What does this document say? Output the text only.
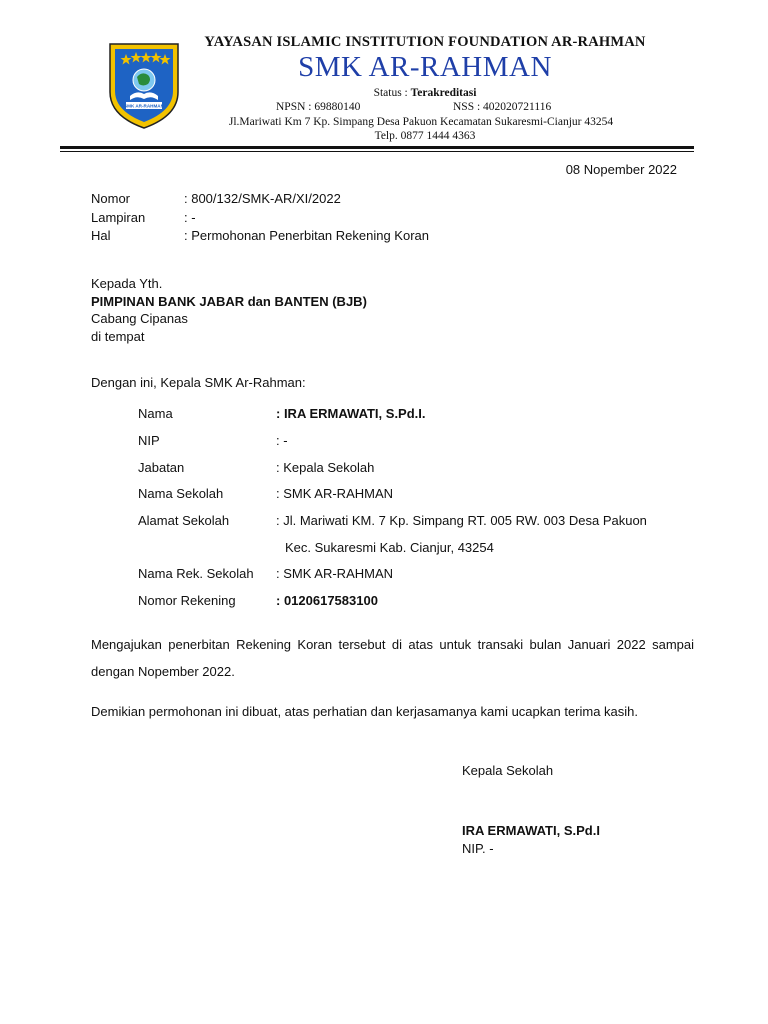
SMK AR-RAHMAN
YAYASAN ISLAMIC INSTITUTION FOUNDATION AR-RAHMAN
SMK AR-RAHMAN
Status : Terakreditasi
NPSN : 69880140	NSS : 402020721116
Jl.Mariwati Km 7 Kp. Simpang Desa Pakuon Kecamatan Sukaresmi-Cianjur 43254
Telp. 0877 1444 4363
08 Nopember 2022
Nomor	: 800/132/SMK-AR/XI/2022
Lampiran	: -
Hal	: Permohonan Penerbitan Rekening Koran
Kepada Yth.
PIMPINAN BANK JABAR dan BANTEN (BJB)
Cabang Cipanas
di tempat
Dengan ini, Kepala SMK Ar-Rahman:
Nama	: IRA ERMAWATI, S.Pd.I.
NIP	: -
Jabatan	: Kepala Sekolah
Nama Sekolah	: SMK AR-RAHMAN
Alamat Sekolah	: Jl. Mariwati KM. 7 Kp. Simpang RT. 005 RW. 003 Desa Pakuon
Kec. Sukaresmi Kab. Cianjur, 43254
Nama Rek. Sekolah : SMK AR-RAHMAN
Nomor Rekening	: 0120617583100
Mengajukan penerbitan Rekening Koran tersebut di atas untuk transaki bulan Januari 2022 sampai dengan Nopember 2022.
Demikian permohonan ini dibuat, atas perhatian dan kerjasamanya kami ucapkan terima kasih.
Kepala Sekolah
IRA ERMAWATI, S.Pd.I
NIP. -
